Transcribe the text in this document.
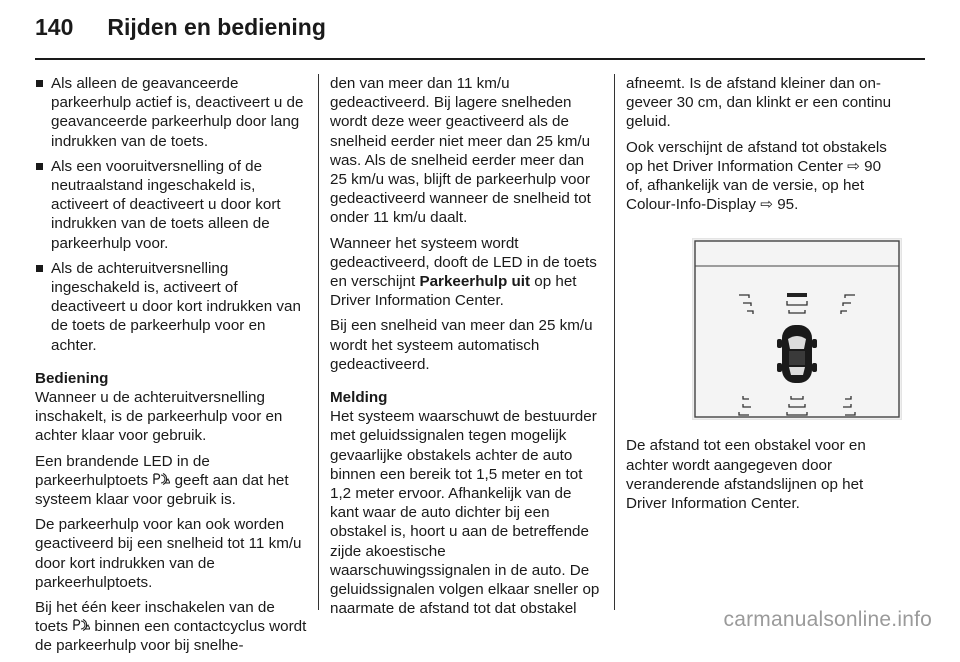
140 Rijden en bediening
Als alleen de geavanceerde parkeerhulp actief is, deactiveert u de geavanceerde parkeerhulp door lang indrukken van de toets.
Als een vooruitversnelling of de neutraalstand ingeschakeld is, activeert of deactiveert u door kort indrukken van de toets alleen de parkeerhulp voor.
Als de achteruitversnelling ingeschakeld is, activeert of deactiveert u door kort indrukken van de toets de parkeerhulp voor en achter.

Bediening

Wanneer u de achteruitversnelling inschakelt, is de parkeerhulp voor en achter klaar voor gebruik.

Een brandende LED in de parkeerhulptoets  geeft aan dat het systeem klaar voor gebruik is.

De parkeerhulp voor kan ook worden geactiveerd bij een snelheid tot 11 km/u door kort indrukken van de parkeerhulptoets.

Bij het één keer inschakelen van de toets  binnen een contactcyclus wordt de parkeerhulp voor bij snelhe-

den van meer dan 11 km/u gedeactiveerd. Bij lagere snelheden wordt deze weer geactiveerd als de snelheid eerder niet meer dan 25 km/u was. Als de snelheid eerder meer dan 25 km/u was, blijft de parkeerhulp voor gedeactiveerd wanneer de snelheid tot onder 11 km/u daalt.

Wanneer het systeem wordt gedeactiveerd, dooft de LED in de toets en verschijnt Parkeerhulp uit op het Driver Information Center.

Bij een snelheid van meer dan 25 km/u wordt het systeem automatisch gedeactiveerd.

Melding

Het systeem waarschuwt de bestuurder met geluidssignalen tegen mogelijk gevaarlijke obstakels achter de auto binnen een bereik tot 1,5 meter en tot 1,2 meter ervoor. Afhankelijk van de kant waar de auto dichter bij een obstakel is, hoort u aan de betreffende zijde akoestische waarschuwingssignalen in de auto. De geluidssignalen volgen elkaar sneller op naarmate de afstand tot dat obstakel

afneemt. Is de afstand kleiner dan on-geveer 30 cm, dan klinkt er een continu geluid.

Ook verschijnt de afstand tot obstakels op het Driver Information Center ⇨ 90 of, afhankelijk van de versie, op het Colour-Info-Display ⇨ 95.

De afstand tot een obstakel voor en achter wordt aangegeven door veranderende afstandslijnen op het Driver Information Center.

carmanualsonline.info
